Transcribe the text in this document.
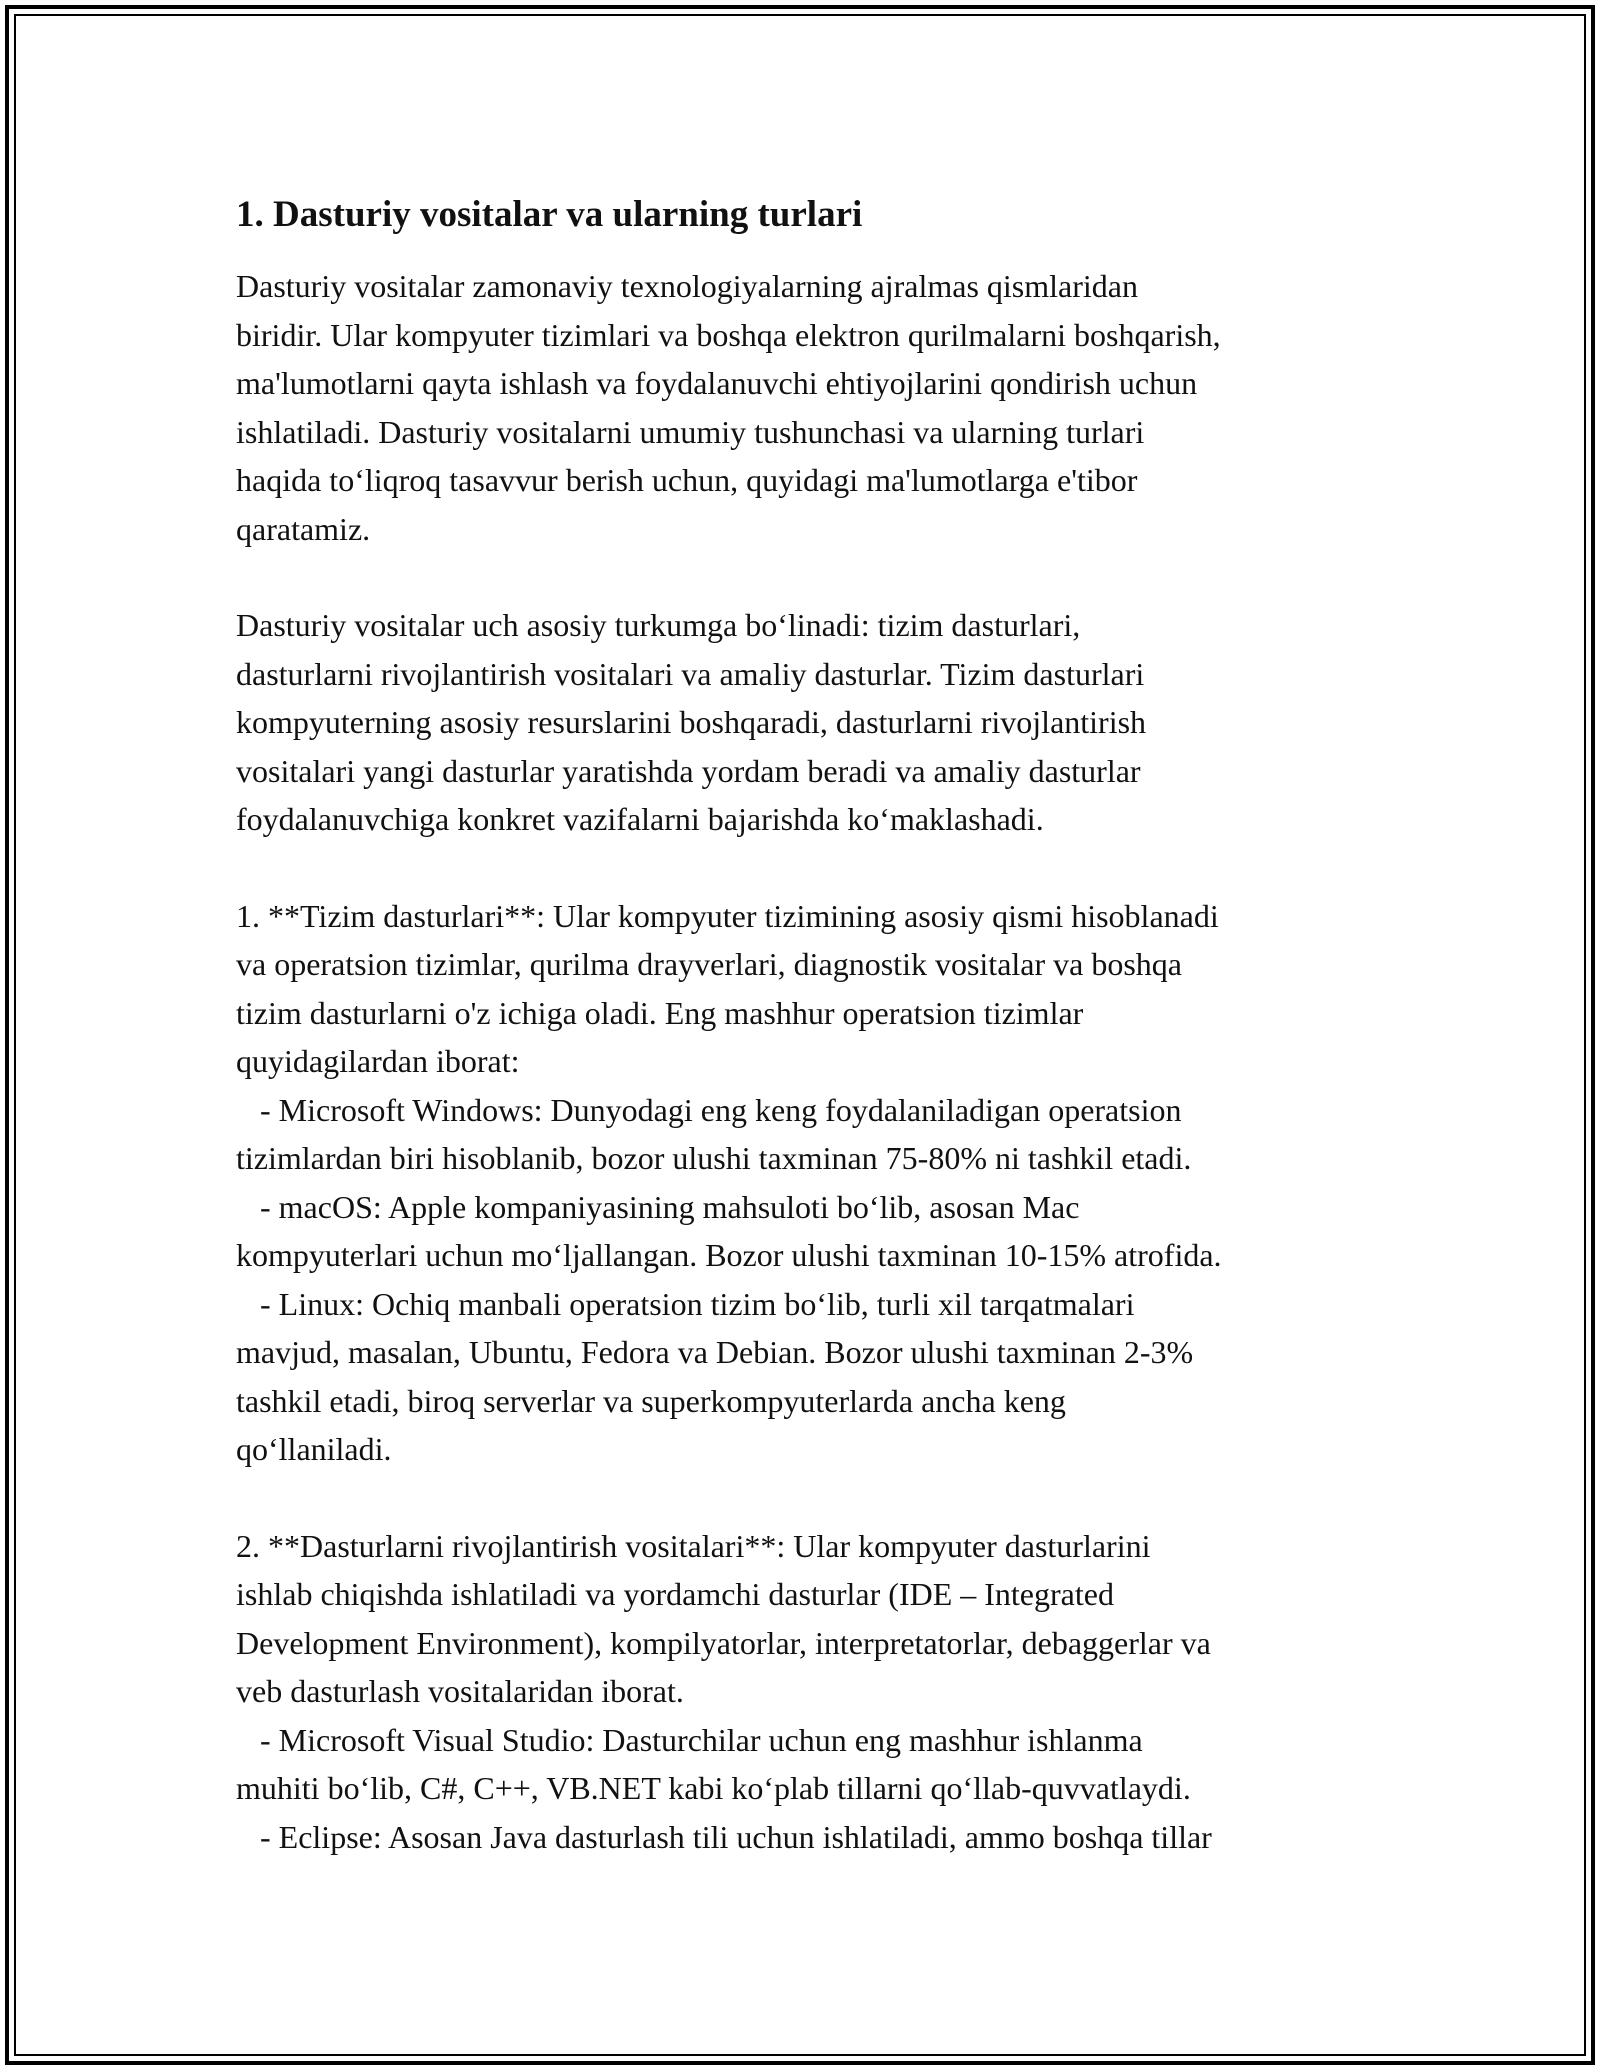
1. Dasturiy vositalar va ularning turlari

Dasturiy vositalar zamonaviy texnologiyalarning ajralmas qismlaridan
biridir. Ular kompyuter tizimlari va boshqa elektron qurilmalarni boshqarish,
ma'lumotlarni qayta ishlash va foydalanuvchi ehtiyojlarini qondirish uchun
ishlatiladi. Dasturiy vositalarni umumiy tushunchasi va ularning turlari
haqida to‘liqroq tasavvur berish uchun, quyidagi ma'lumotlarga e'tibor
qaratamiz.

Dasturiy vositalar uch asosiy turkumga bo‘linadi: tizim dasturlari,
dasturlarni rivojlantirish vositalari va amaliy dasturlar. Tizim dasturlari
kompyuterning asosiy resurslarini boshqaradi, dasturlarni rivojlantirish
vositalari yangi dasturlar yaratishda yordam beradi va amaliy dasturlar
foydalanuvchiga konkret vazifalarni bajarishda ko‘maklashadi.

1. **Tizim dasturlari**: Ular kompyuter tizimining asosiy qismi hisoblanadi
va operatsion tizimlar, qurilma drayverlari, diagnostik vositalar va boshqa
tizim dasturlarni o'z ichiga oladi. Eng mashhur operatsion tizimlar
quyidagilardan iborat:
- Microsoft Windows: Dunyodagi eng keng foydalaniladigan operatsion
tizimlardan biri hisoblanib, bozor ulushi taxminan 75-80% ni tashkil etadi.
- macOS: Apple kompaniyasining mahsuloti bo‘lib, asosan Mac
kompyuterlari uchun mo‘ljallangan. Bozor ulushi taxminan 10-15% atrofida.
- Linux: Ochiq manbali operatsion tizim bo‘lib, turli xil tarqatmalari
mavjud, masalan, Ubuntu, Fedora va Debian. Bozor ulushi taxminan 2-3%
tashkil etadi, biroq serverlar va superkompyuterlarda ancha keng
qo‘llaniladi.

2. **Dasturlarni rivojlantirish vositalari**: Ular kompyuter dasturlarini
ishlab chiqishda ishlatiladi va yordamchi dasturlar (IDE – Integrated
Development Environment), kompilyatorlar, interpretatorlar, debaggerlar va
veb dasturlash vositalaridan iborat.
- Microsoft Visual Studio: Dasturchilar uchun eng mashhur ishlanma
muhiti bo‘lib, C#, C++, VB.NET kabi ko‘plab tillarni qo‘llab-quvvatlaydi.
- Eclipse: Asosan Java dasturlash tili uchun ishlatiladi, ammo boshqa tillar
